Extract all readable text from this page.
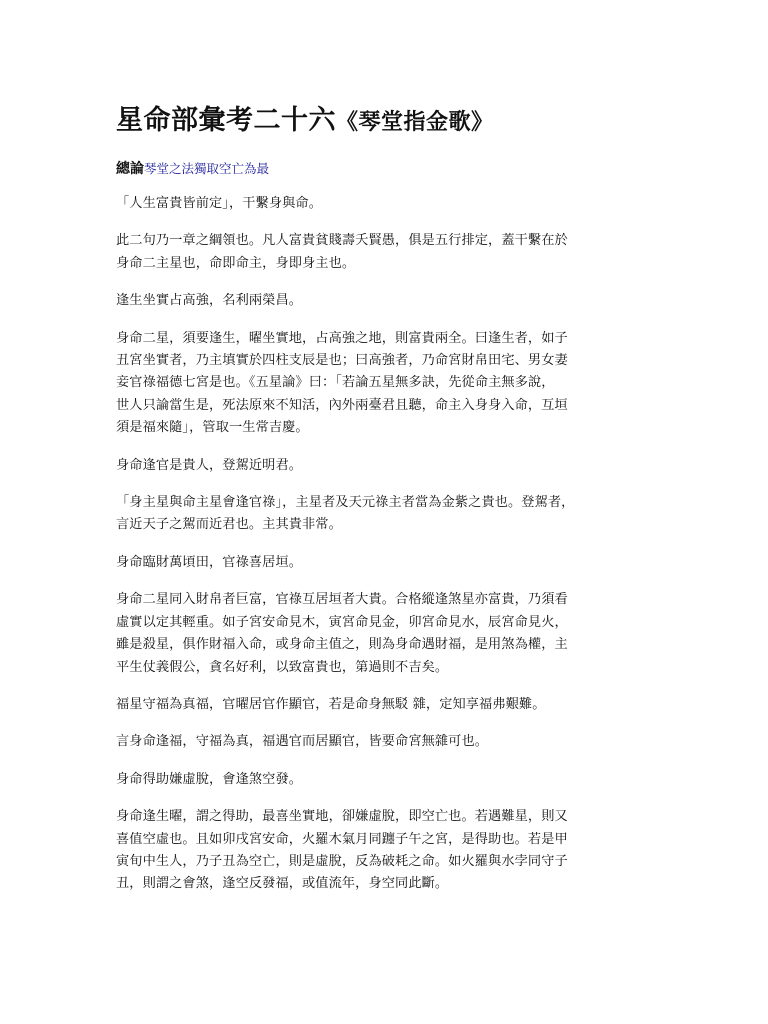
星命部彙考二十六《琴堂指金歌》
總論琴堂之法獨取空亡為最

「人生富貴皆前定」，干繫身與命。

此二句乃一章之綱領也。凡人富貴貧賤壽夭賢愚，俱是五行排定，蓋干繫在於
身命二主星也，命即命主，身即身主也。

逢生坐實占高強，名利兩榮昌。

身命二星，須要逢生，曜坐實地，占高強之地，則富貴兩全。曰逢生者，如子
丑宮坐實者，乃主填實於四柱支辰是也；曰高強者，乃命宮財帛田宅、男女妻
妾官祿福德七宮是也。《五星論》曰：「若論五星無多訣，先從命主無多說，
世人只論當生是，死法原來不知活，內外兩臺君且聽，命主入身身入命，互垣
須是福來隨」，管取一生常吉慶。

身命逢官是貴人，登駕近明君。

「身主星與命主星會逢官祿」，主星者及天元祿主者當為金紫之貴也。登駕者，
言近天子之駕而近君也。主其貴非常。

身命臨財萬頃田，官祿喜居垣。

身命二星同入財帛者巨富，官祿互居垣者大貴。合格縱逢煞星亦富貴，乃須看
虛實以定其輕重。如子宮安命見木，寅宮命見金，卯宮命見水，辰宮命見火，
雖是殺星，俱作財福入命，或身命主值之，則為身命遇財福，是用煞為權，主
平生仗義假公，貪名好利，以致富貴也，第過則不吉矣。

福星守福為真福，官曜居官作顯官，若是命身無駁 雜，定知享福弗艱難。

言身命逢福，守福為真，福遇官而居顯官，皆要命宮無雜可也。

身命得助嫌虛脫，會逢煞空發。

身命逢生曜，謂之得助，最喜坐實地，卻嫌虛脫，即空亡也。若遇難星，則又
喜值空虛也。且如卯戌宮安命，火羅木氣月同躔子午之宮，是得助也。若是甲
寅旬中生人，乃子丑為空亡，則是虛脫，反為破耗之命。如火羅與水孛同守子
丑，則謂之會煞，逢空反發福，或值流年，身空同此斷。
